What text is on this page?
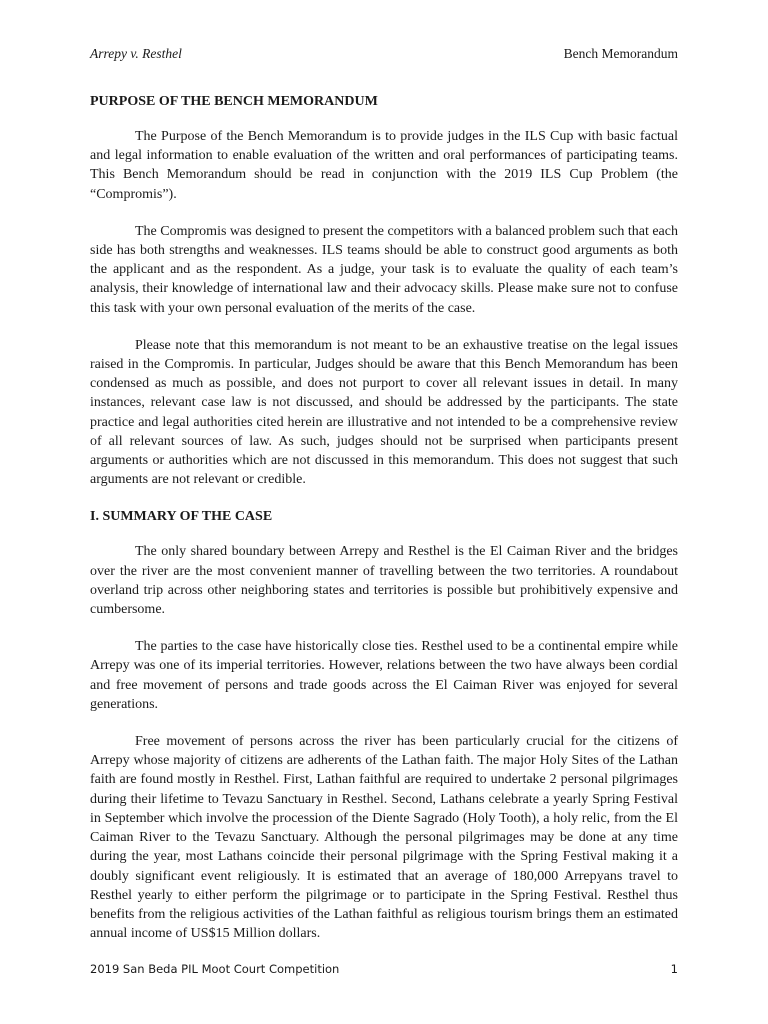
Arrepy v. Resthel	Bench Memorandum
PURPOSE OF THE BENCH MEMORANDUM

The Purpose of the Bench Memorandum is to provide judges in the ILS Cup with basic factual and legal information to enable evaluation of the written and oral performances of participating teams. This Bench Memorandum should be read in conjunction with the 2019 ILS Cup Problem (the “Compromis”).

The Compromis was designed to present the competitors with a balanced problem such that each side has both strengths and weaknesses. ILS teams should be able to construct good arguments as both the applicant and as the respondent. As a judge, your task is to evaluate the quality of each team’s analysis, their knowledge of international law and their advocacy skills. Please make sure not to confuse this task with your own personal evaluation of the merits of the case.

Please note that this memorandum is not meant to be an exhaustive treatise on the legal issues raised in the Compromis. In particular, Judges should be aware that this Bench Memorandum has been condensed as much as possible, and does not purport to cover all relevant issues in detail. In many instances, relevant case law is not discussed, and should be addressed by the participants. The state practice and legal authorities cited herein are illustrative and not intended to be a comprehensive review of all relevant sources of law. As such, judges should not be surprised when participants present arguments or authorities which are not discussed in this memorandum. This does not suggest that such arguments are not relevant or credible.

I. SUMMARY OF THE CASE

The only shared boundary between Arrepy and Resthel is the El Caiman River and the bridges over the river are the most convenient manner of travelling between the two territories. A roundabout overland trip across other neighboring states and territories is possible but prohibitively expensive and cumbersome.

The parties to the case have historically close ties. Resthel used to be a continental empire while Arrepy was one of its imperial territories. However, relations between the two have always been cordial and free movement of persons and trade goods across the El Caiman River was enjoyed for several generations.

Free movement of persons across the river has been particularly crucial for the citizens of Arrepy whose majority of citizens are adherents of the Lathan faith. The major Holy Sites of the Lathan faith are found mostly in Resthel. First, Lathan faithful are required to undertake 2 personal pilgrimages during their lifetime to Tevazu Sanctuary in Resthel. Second, Lathans celebrate a yearly Spring Festival in September which involve the procession of the Diente Sagrado (Holy Tooth), a holy relic, from the El Caiman River to the Tevazu Sanctuary. Although the personal pilgrimages may be done at any time during the year, most Lathans coincide their personal pilgrimage with the Spring Festival making it a doubly significant event religiously. It is estimated that an average of 180,000 Arrepyans travel to Resthel yearly to either perform the pilgrimage or to participate in the Spring Festival. Resthel thus benefits from the religious activities of the Lathan faithful as religious tourism brings them an estimated annual income of US$15 Million dollars.

2019 San Beda PIL Moot Court Competition	1
